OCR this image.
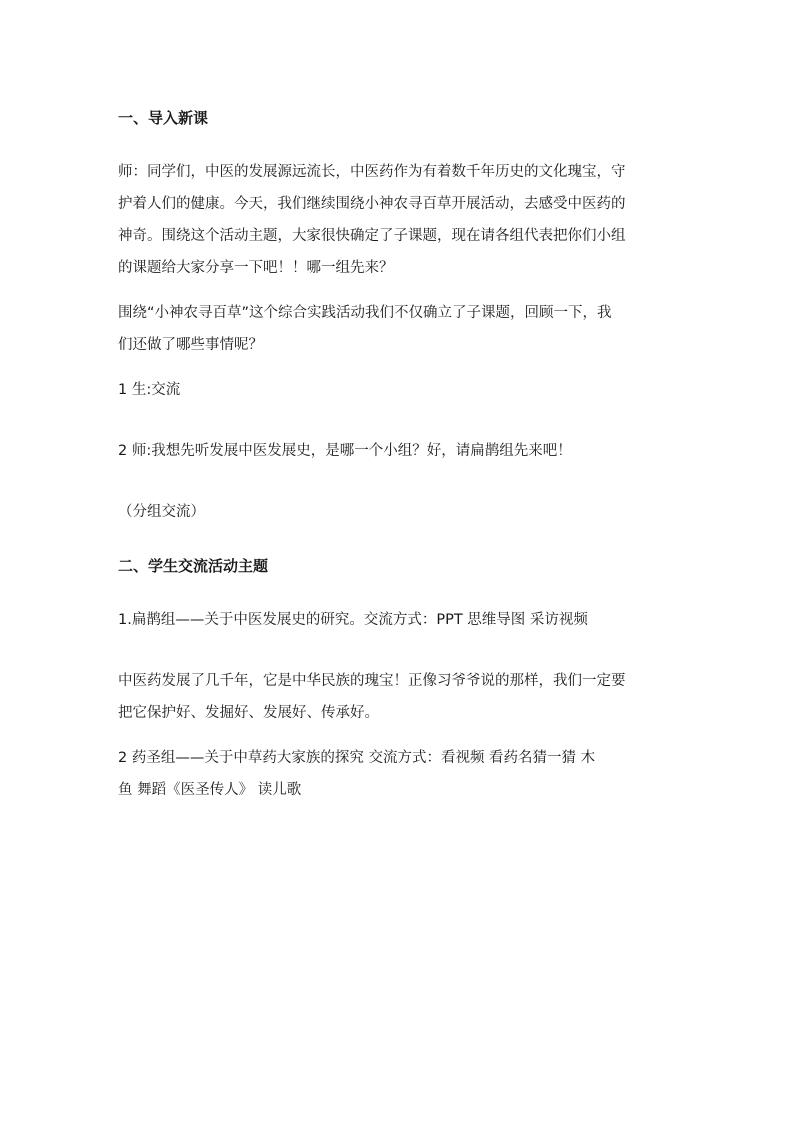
一、导入新课
师：同学们，中医的发展源远流长，中医药作为有着数千年历史的文化瑰宝，守
护着人们的健康。今天，我们继续围绕小神农寻百草开展活动，去感受中医药的
神奇。围绕这个活动主题，大家很快确定了子课题，现在请各组代表把你们小组
的课题给大家分享一下吧！！哪一组先来？
围绕“小神农寻百草”这个综合实践活动我们不仅确立了子课题，回顾一下，我
们还做了哪些事情呢？
1 生:交流
2 师:我想先听发展中医发展史，是哪一个小组？好，请扁鹊组先来吧！
（分组交流）
二、学生交流活动主题
1.扁鹊组——关于中医发展史的研究。交流方式：PPT 思维导图 采访视频
中医药发展了几千年，它是中华民族的瑰宝！正像习爷爷说的那样，我们一定要
把它保护好、发掘好、发展好、传承好。
2 药圣组——关于中草药大家族的探究 交流方式：看视频 看药名猜一猜 木
鱼 舞蹈《医圣传人》 读儿歌
